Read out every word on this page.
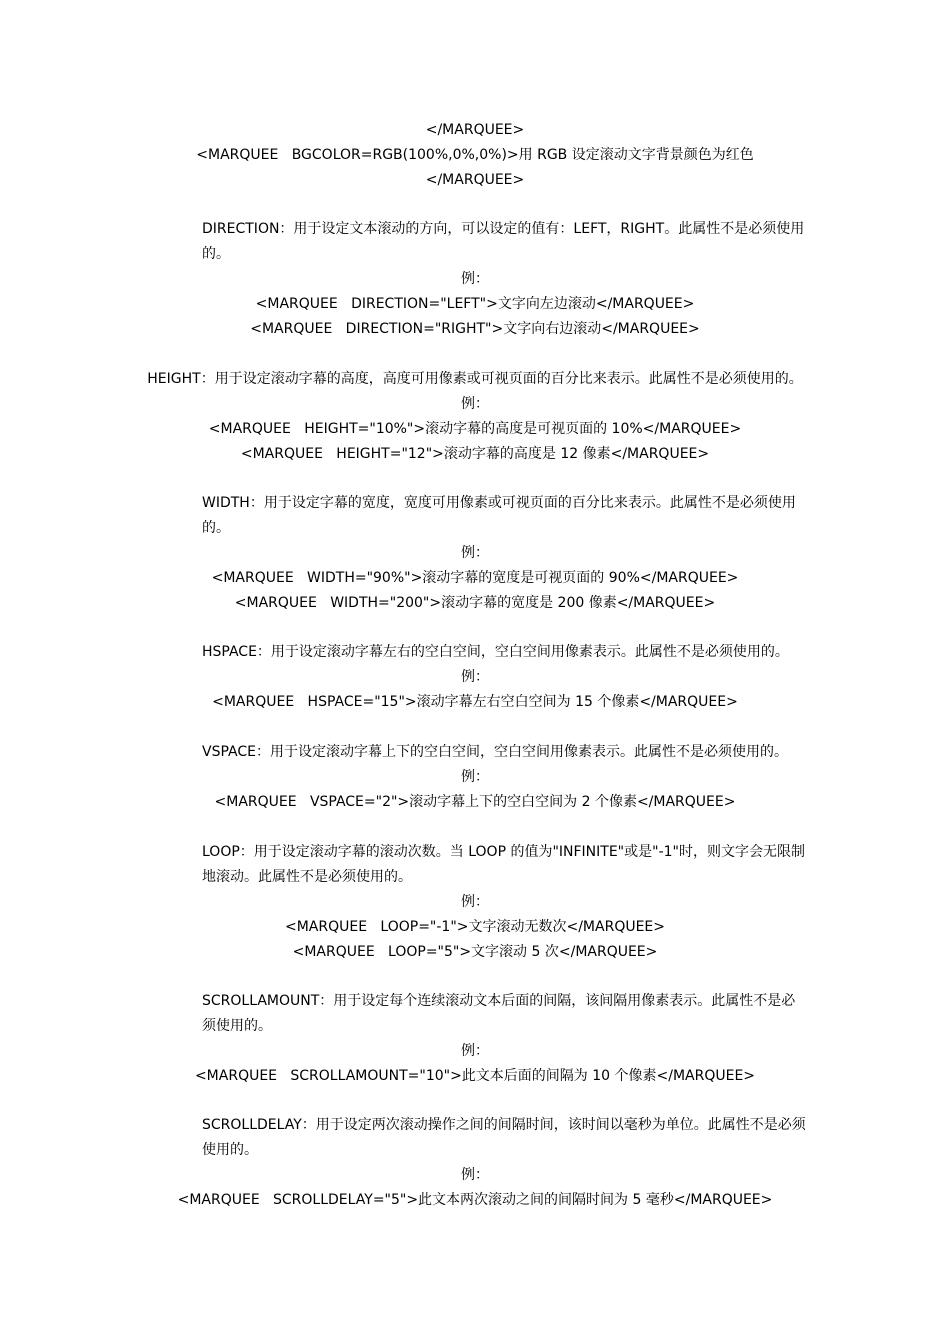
</MARQUEE>
<MARQUEE   BGCOLOR=RGB(100%,0%,0%)>用 RGB 设定滚动文字背景颜色为红色
</MARQUEE>
DIRECTION：用于设定文本滚动的方向，可以设定的值有：LEFT，RIGHT。此属性不是必须使用的。
例：
<MARQUEE   DIRECTION="LEFT">文字向左边滚动</MARQUEE>
<MARQUEE   DIRECTION="RIGHT">文字向右边滚动</MARQUEE>
HEIGHT：用于设定滚动字幕的高度，高度可用像素或可视页面的百分比来表示。此属性不是必须使用的。
例：
<MARQUEE   HEIGHT="10%">滚动字幕的高度是可视页面的 10%</MARQUEE>
<MARQUEE   HEIGHT="12">滚动字幕的高度是 12 像素</MARQUEE>
WIDTH：用于设定字幕的宽度，宽度可用像素或可视页面的百分比来表示。此属性不是必须使用的。
例：
<MARQUEE   WIDTH="90%">滚动字幕的宽度是可视页面的 90%</MARQUEE>
<MARQUEE   WIDTH="200">滚动字幕的宽度是 200 像素</MARQUEE>
HSPACE：用于设定滚动字幕左右的空白空间，空白空间用像素表示。此属性不是必须使用的。
例：
<MARQUEE   HSPACE="15">滚动字幕左右空白空间为 15 个像素</MARQUEE>
VSPACE：用于设定滚动字幕上下的空白空间，空白空间用像素表示。此属性不是必须使用的。
例：
<MARQUEE   VSPACE="2">滚动字幕上下的空白空间为 2 个像素</MARQUEE>
LOOP：用于设定滚动字幕的滚动次数。当 LOOP 的值为"INFINITE"或是"-1"时，则文字会无限制地滚动。此属性不是必须使用的。
例：
<MARQUEE   LOOP="-1">文字滚动无数次</MARQUEE>
<MARQUEE   LOOP="5">文字滚动 5 次</MARQUEE>
SCROLLAMOUNT：用于设定每个连续滚动文本后面的间隔，该间隔用像素表示。此属性不是必须使用的。
例：
<MARQUEE   SCROLLAMOUNT="10">此文本后面的间隔为 10 个像素</MARQUEE>
SCROLLDELAY：用于设定两次滚动操作之间的间隔时间，该时间以毫秒为单位。此属性不是必须使用的。
例：
<MARQUEE   SCROLLDELAY="5">此文本两次滚动之间的间隔时间为 5 毫秒</MARQUEE>
